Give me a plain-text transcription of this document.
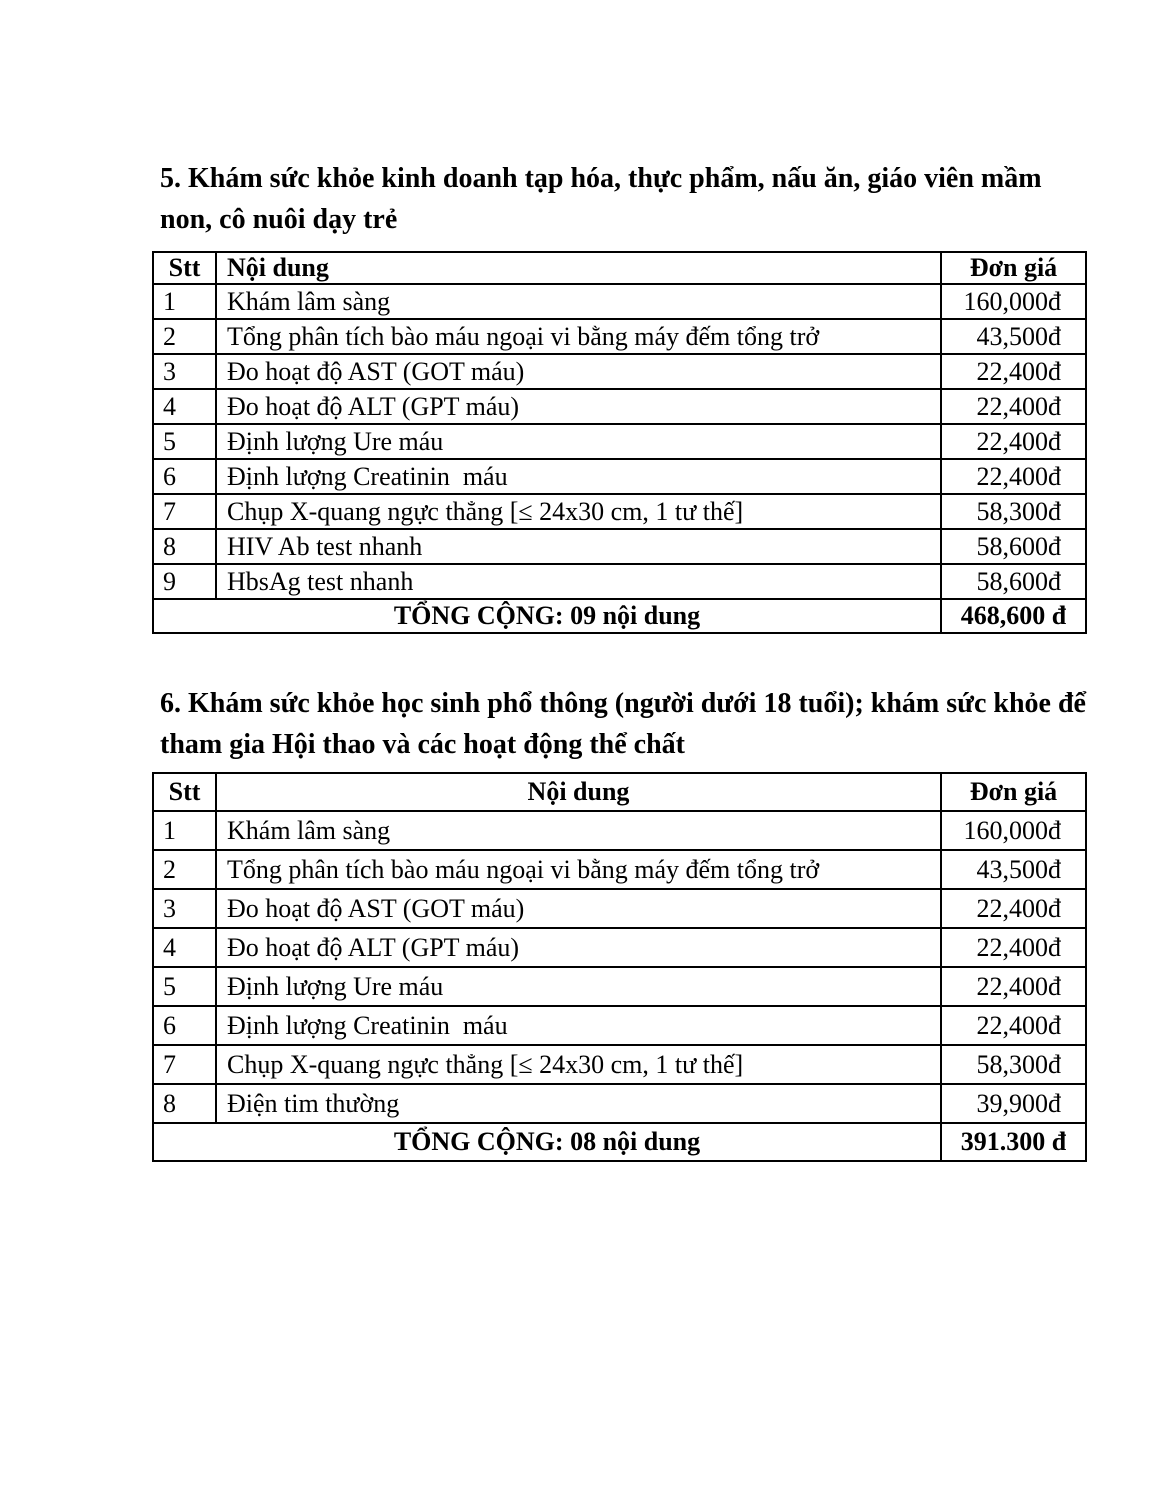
5. Khám sức khỏe kinh doanh tạp hóa, thực phẩm, nấu ăn, giáo viên mầm non, cô nuôi dạy trẻ
Stt	Nội dung	Đơn giá
1	Khám lâm sàng	160,000đ
2	Tổng phân tích bào máu ngoại vi bằng máy đếm tổng trở	43,500đ
3	Đo hoạt độ AST (GOT máu)	22,400đ
4	Đo hoạt độ ALT (GPT máu)	22,400đ
5	Định lượng Ure máu	22,400đ
6	Định lượng Creatinin  máu	22,400đ
7	Chụp X-quang ngực thẳng [≤ 24x30 cm, 1 tư thế]	58,300đ
8	HIV Ab test nhanh	58,600đ
9	HbsAg test nhanh	58,600đ
TỔNG CỘNG: 09 nội dung		468,600 đ
6. Khám sức khỏe học sinh phổ thông (người dưới 18 tuổi); khám sức khỏe để tham gia Hội thao và các hoạt động thể chất
Stt	Nội dung	Đơn giá
1	Khám lâm sàng	160,000đ
2	Tổng phân tích bào máu ngoại vi bằng máy đếm tổng trở	43,500đ
3	Đo hoạt độ AST (GOT máu)	22,400đ
4	Đo hoạt độ ALT (GPT máu)	22,400đ
5	Định lượng Ure máu	22,400đ
6	Định lượng Creatinin  máu	22,400đ
7	Chụp X-quang ngực thẳng [≤ 24x30 cm, 1 tư thế]	58,300đ
8	Điện tim thường	39,900đ
TỔNG CỘNG: 08 nội dung		391.300 đ
